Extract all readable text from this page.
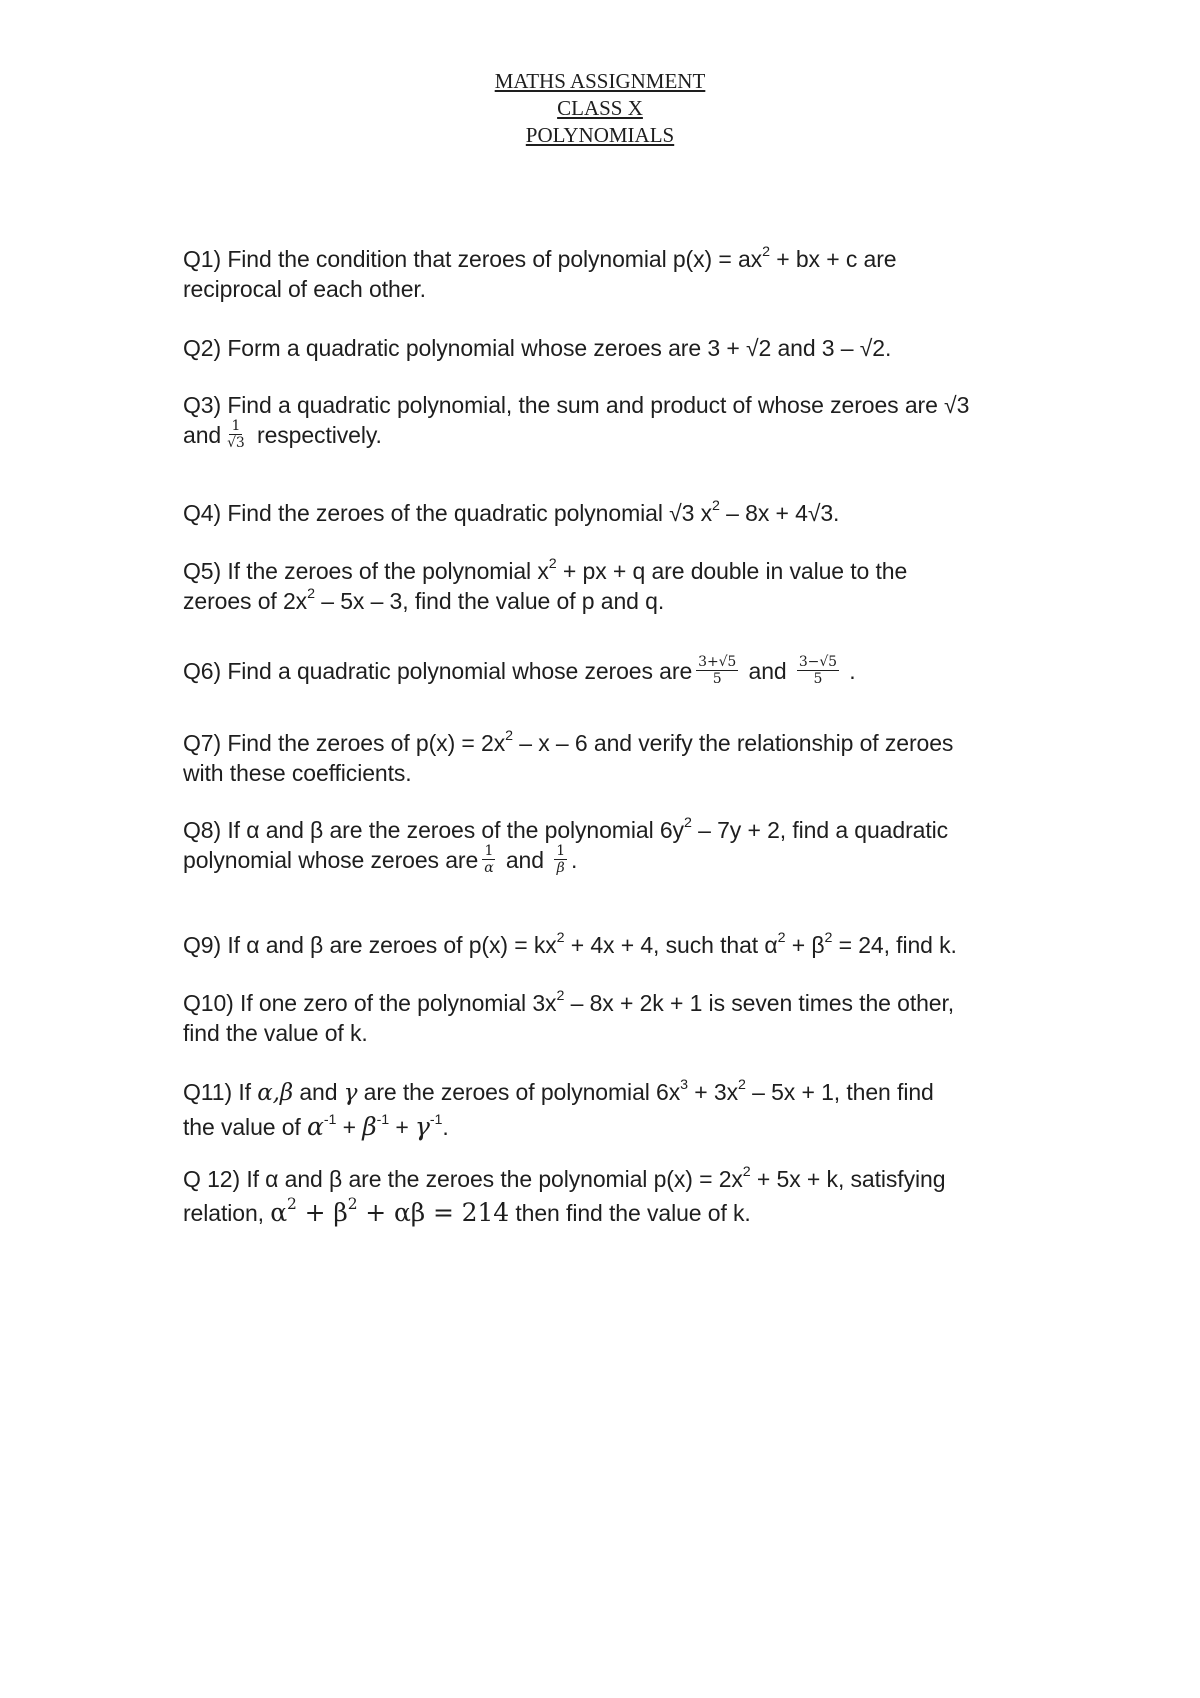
MATHS ASSIGNMENT
CLASS X
POLYNOMIALS
Q1) Find the condition that zeroes of polynomial $p(x) = ax^2$ + bx + c are
reciprocal of each other.
Q2) Form a quadratic polynomial whose zeroes are 3 + √2 and 3 – √2.
Q3) Find a quadratic polynomial, the sum and product of whose zeroes are √3
and $\frac{1}{√3}$ respectively.
Q4) Find the zeroes of the quadratic polynomial √3 $x^2 - 8x + 4√3$.
Q5) If the zeroes of the polynomial $x^2$ + px + q are double in value to the
zeroes of $2x^2 - 5x - 3$, find the value of p and q.
Q6) Find a quadratic polynomial whose zeroes are $\frac{3+√5}{5}$ and $\frac{3-√5}{5}$ .
Q7) Find the zeroes of $p(x) = 2x^2 - x - 6$ and verify the relationship of zeroes
with these coefficients.
Q8) If α and β are the zeroes of the polynomial $6y^2 - 7y + 2$, find a quadratic
polynomial whose zeroes are $\frac{1}{\alpha}$ and $\frac{1}{\beta}$ .
Q9) If α and β are zeroes of $p(x) = kx^2 + 4x + 4$, such that $\alpha^2 + \beta^2 = 24$, find k.
Q10) If one zero of the polynomial $3x^2 - 8x + 2k + 1$ is seven times the other,
find the value of k.
Q11) If α,β and γ are the zeroes of polynomial $6x^3 + 3x^2 - 5x + 1$, then find
the value of $\alpha^{-1} + \beta^{-1} + \gamma^{-1}$.
Q 12) If α and β are the zeroes the polynomial $p(x) = 2x^2 + 5x + k$, satisfying
relation, $\alpha^2 + \beta^2 + \alpha\beta = 214$ then find the value of k.
